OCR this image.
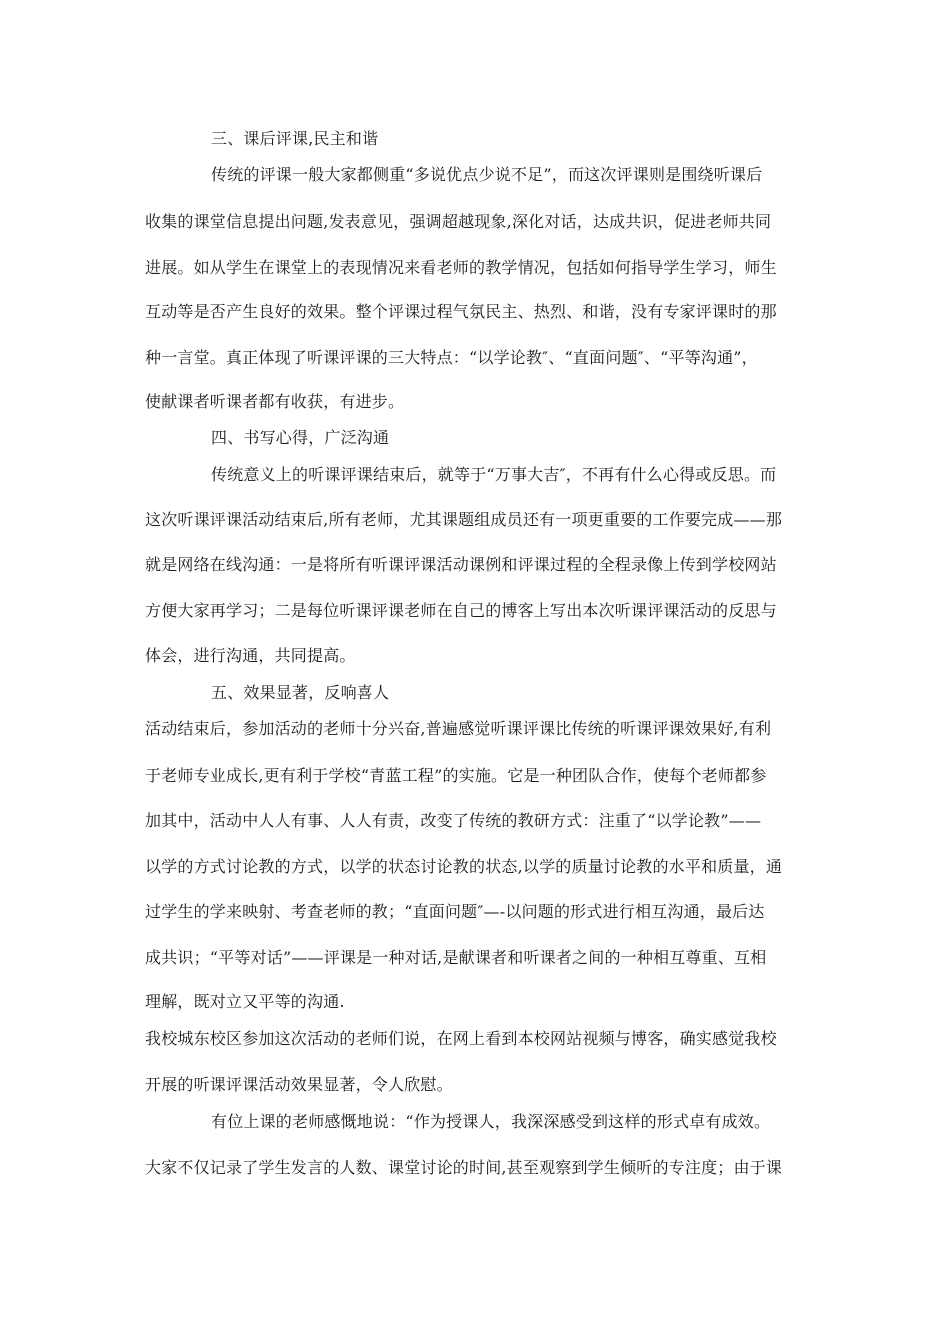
三、课后评课,民主和谐
传统的评课一般大家都侧重“多说优点少说不足”，而这次评课则是围绕听课后
收集的课堂信息提出问题,发表意见，强调超越现象,深化对话，达成共识，促进老师共同
进展。如从学生在课堂上的表现情况来看老师的教学情况，包括如何指导学生学习，师生
互动等是否产生良好的效果。整个评课过程气氛民主、热烈、和谐，没有专家评课时的那
种一言堂。真正体现了听课评课的三大特点：“以学论教″、“直面问题″、“平等沟通”，
使献课者听课者都有收获，有进步。
四、书写心得，广泛沟通
传统意义上的听课评课结束后，就等于“万事大吉″，不再有什么心得或反思。而
这次听课评课活动结束后,所有老师，尤其课题组成员还有一项更重要的工作要完成——那
就是网络在线沟通：一是将所有听课评课活动课例和评课过程的全程录像上传到学校网站
方便大家再学习；二是每位听课评课老师在自己的博客上写出本次听课评课活动的反思与
体会，进行沟通，共同提高。
五、效果显著，反响喜人
活动结束后，参加活动的老师十分兴奋,普遍感觉听课评课比传统的听课评课效果好,有利
于老师专业成长,更有利于学校“青蓝工程”的实施。它是一种团队合作，使每个老师都参
加其中，活动中人人有事、人人有责，改变了传统的教研方式：注重了“以学论教”——
以学的方式讨论教的方式，以学的状态讨论教的状态,以学的质量讨论教的水平和质量，通
过学生的学来映射、考查老师的教；“直面问题″—-以问题的形式进行相互沟通，最后达
成共识；“平等对话”——评课是一种对话,是献课者和听课者之间的一种相互尊重、互相
理解，既对立又平等的沟通.
我校城东校区参加这次活动的老师们说，在网上看到本校网站视频与博客，确实感觉我校
开展的听课评课活动效果显著，令人欣慰。
有位上课的老师感慨地说：“作为授课人，我深深感受到这样的形式卓有成效。
大家不仅记录了学生发言的人数、课堂讨论的时间,甚至观察到学生倾听的专注度；由于课
